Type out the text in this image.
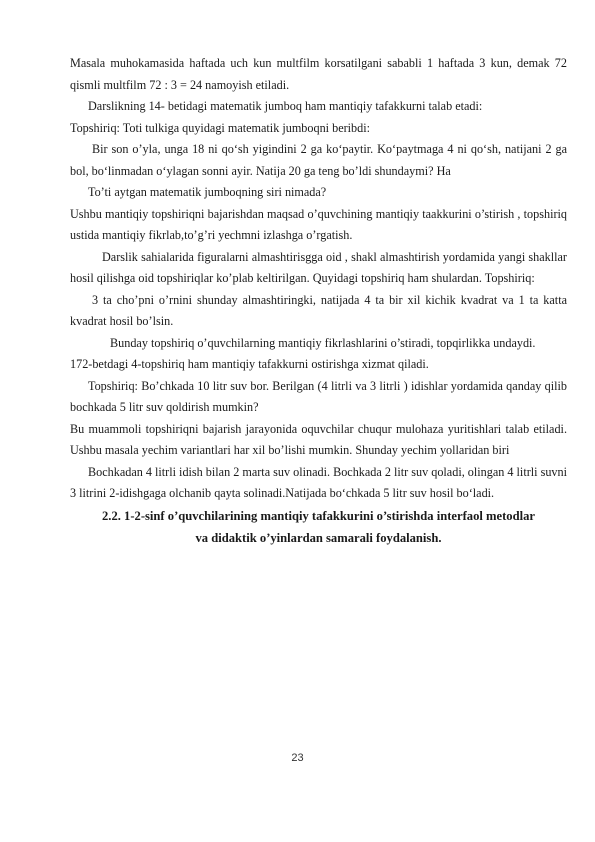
Masala muhokamasida haftada uch kun multfilm korsatilgani sababli 1 haftada 3 kun, demak 72 qismli multfilm 72 : 3 = 24 namoyish etiladi.

Darslikning 14- betidagi matematik jumboq ham mantiqiy tafakkurni talab etadi:

Topshiriq: Toti tulkiga quyidagi matematik jumboqni beribdi:

Bir son o’yla, unga 18 ni qo‘sh yigindini 2 ga ko‘paytir. Ko‘paytmaga 4 ni qo‘sh, natijani 2 ga bol, bo‘linmadan o‘ylagan sonni ayir. Natija 20 ga teng bo’ldi shundaymi? Ha

To’ti aytgan matematik jumboqning siri nimada?

Ushbu mantiqiy topshiriqni bajarishdan maqsad o’quvchining mantiqiy taakkurini o’stirish , topshiriq ustida mantiqiy fikrlab,to’g’ri yechmni izlashga o’rgatish.

Darslik sahialarida figuralarni almashtirisgga oid , shakl almashtirish yordamida yangi shakllar hosil qilishga oid topshiriqlar ko’plab keltirilgan. Quyidagi topshiriq ham shulardan. Topshiriq:

3 ta cho’pni o’rnini shunday almashtiringki, natijada 4 ta bir xil kichik kvadrat va 1 ta katta kvadrat hosil bo’lsin.

Bunday topshiriq o’quvchilarning mantiqiy fikrlashlarini o’stiradi, topqirlikka undaydi.

172-betdagi 4-topshiriq ham mantiqiy tafakkurni ostirishga xizmat qiladi.

Topshiriq: Bo’chkada 10 litr suv bor. Berilgan (4 litrli va 3 litrli ) idishlar yordamida qanday qilib bochkada 5 litr suv qoldirish mumkin?

Bu muammoli topshiriqni bajarish jarayonida oquvchilar chuqur mulohaza yuritishlari talab etiladi. Ushbu masala yechim variantlari har xil bo’lishi mumkin. Shunday yechim yollaridan biri

Bochkadan 4 litrli idish bilan 2 marta suv olinadi. Bochkada 2 litr suv qoladi, olingan 4 litrli suvni 3 litrini 2-idishgaga olchanib qayta solinadi.Natijada bo‘chkada 5 litr suv hosil bo‘ladi.

2.2. 1-2-sinf o’quvchilarining mantiqiy tafakkurini o’stirishda interfaol metodlar

va didaktik o’yinlardan samarali foydalanish.

23
